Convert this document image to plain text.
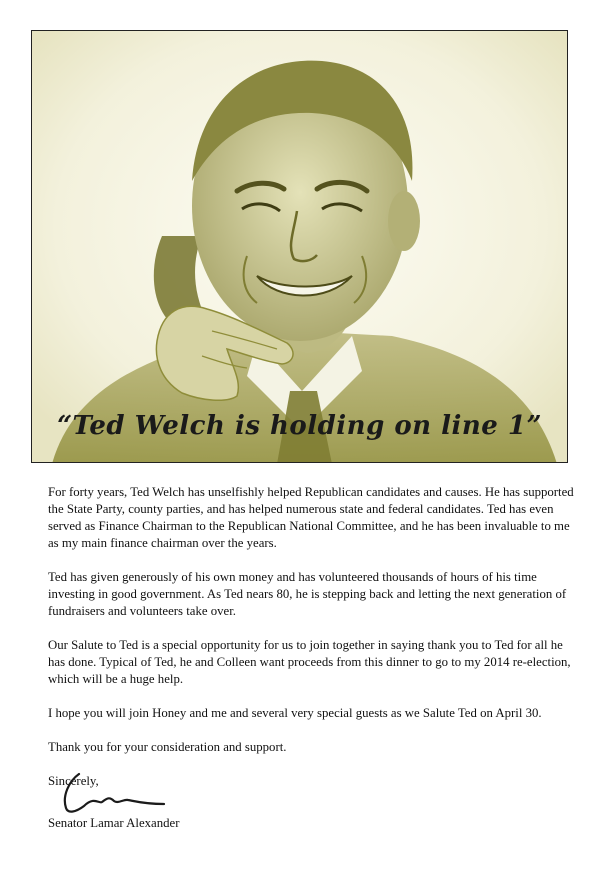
“Ted Welch is holding on line 1”

For forty years, Ted Welch has unselfishly helped Republican candidates and causes. He has supported the State Party, county parties, and has helped numerous state and federal candidates. Ted has even served as Finance Chairman to the Republican National Committee, and he has been invaluable to me as my main finance chairman over the years.

Ted has given generously of his own money and has volunteered thousands of hours of his time investing in good government. As Ted nears 80, he is stepping back and letting the next generation of fundraisers and volunteers take over.

Our Salute to Ted is a special opportunity for us to join together in saying thank you to Ted for all he has done. Typical of Ted, he and Colleen want proceeds from this dinner to go to my 2014 re-election, which will be a huge help.

I hope you will join Honey and me and several very special guests as we Salute Ted on April 30.

Thank you for your consideration and support.

Sincerely,

Senator Lamar Alexander
